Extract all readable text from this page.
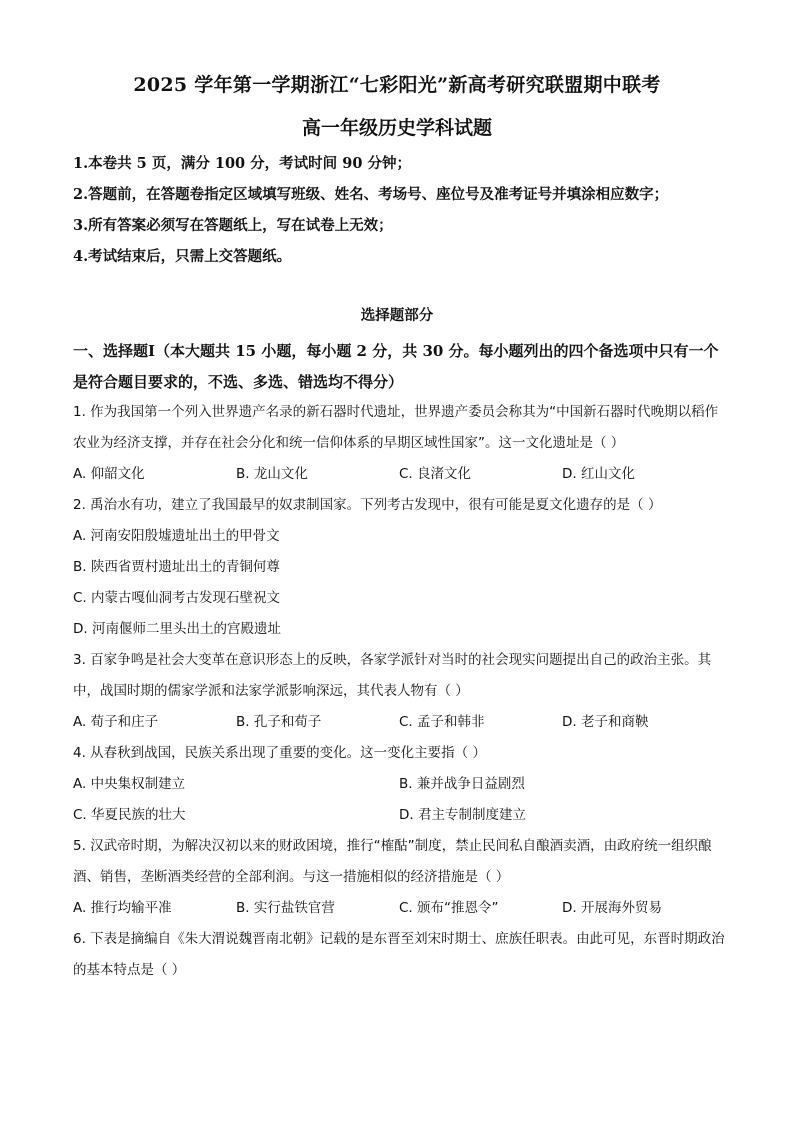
2025 学年第一学期浙江“七彩阳光”新高考研究联盟期中联考
高一年级历史学科试题

1.本卷共 5 页，满分 100 分，考试时间 90 分钟；

2.答题前，在答题卷指定区域填写班级、姓名、考场号、座位号及准考证号并填涂相应数字；

3.所有答案必须写在答题纸上，写在试卷上无效；

4.考试结束后，只需上交答题纸。

选择题部分
一、选择题Ⅰ（本大题共 15 小题，每小题 2 分，共 30 分。每小题列出的四个备选项中只有一个是符合题目要求的，不选、多选、错选均不得分）

1. 作为我国第一个列入世界遗产名录的新石器时代遗址，世界遗产委员会称其为“中国新石器时代晚期以稻作农业为经济支撑，并存在社会分化和统一信仰体系的早期区域性国家”。这一文化遗址是（ ）

A. 仰韶文化	B. 龙山文化	C. 良渚文化	D. 红山文化

2. 禹治水有功，建立了我国最早的奴隶制国家。下列考古发现中，很有可能是夏文化遗存的是（ ）

A. 河南安阳殷墟遗址出土的甲骨文

B. 陕西省贾村遗址出土的青铜何尊

C. 内蒙古嘎仙洞考古发现石壁祝文

D. 河南偃师二里头出土的宫殿遗址

3. 百家争鸣是社会大变革在意识形态上的反映，各家学派针对当时的社会现实问题提出自己的政治主张。其中，战国时期的儒家学派和法家学派影响深远，其代表人物有（ ）

A. 荀子和庄子	B. 孔子和荀子	C. 孟子和韩非	D. 老子和商鞅

4. 从春秋到战国，民族关系出现了重要的变化。这一变化主要指（ ）

A. 中央集权制建立	B. 兼并战争日益剧烈
C. 华夏民族的壮大	D. 君主专制制度建立

5. 汉武帝时期，为解决汉初以来的财政困境，推行“榷酤”制度，禁止民间私自酿酒卖酒，由政府统一组织酿酒、销售，垄断酒类经营的全部利润。与这一措施相似的经济措施是（ ）

A. 推行均输平准	B. 实行盐铁官营	C. 颁布“推恩令”	D. 开展海外贸易

6. 下表是摘编自《朱大渭说魏晋南北朝》记载的是东晋至刘宋时期士、庶族任职表。由此可见，东晋时期政治的基本特点是（ ）
